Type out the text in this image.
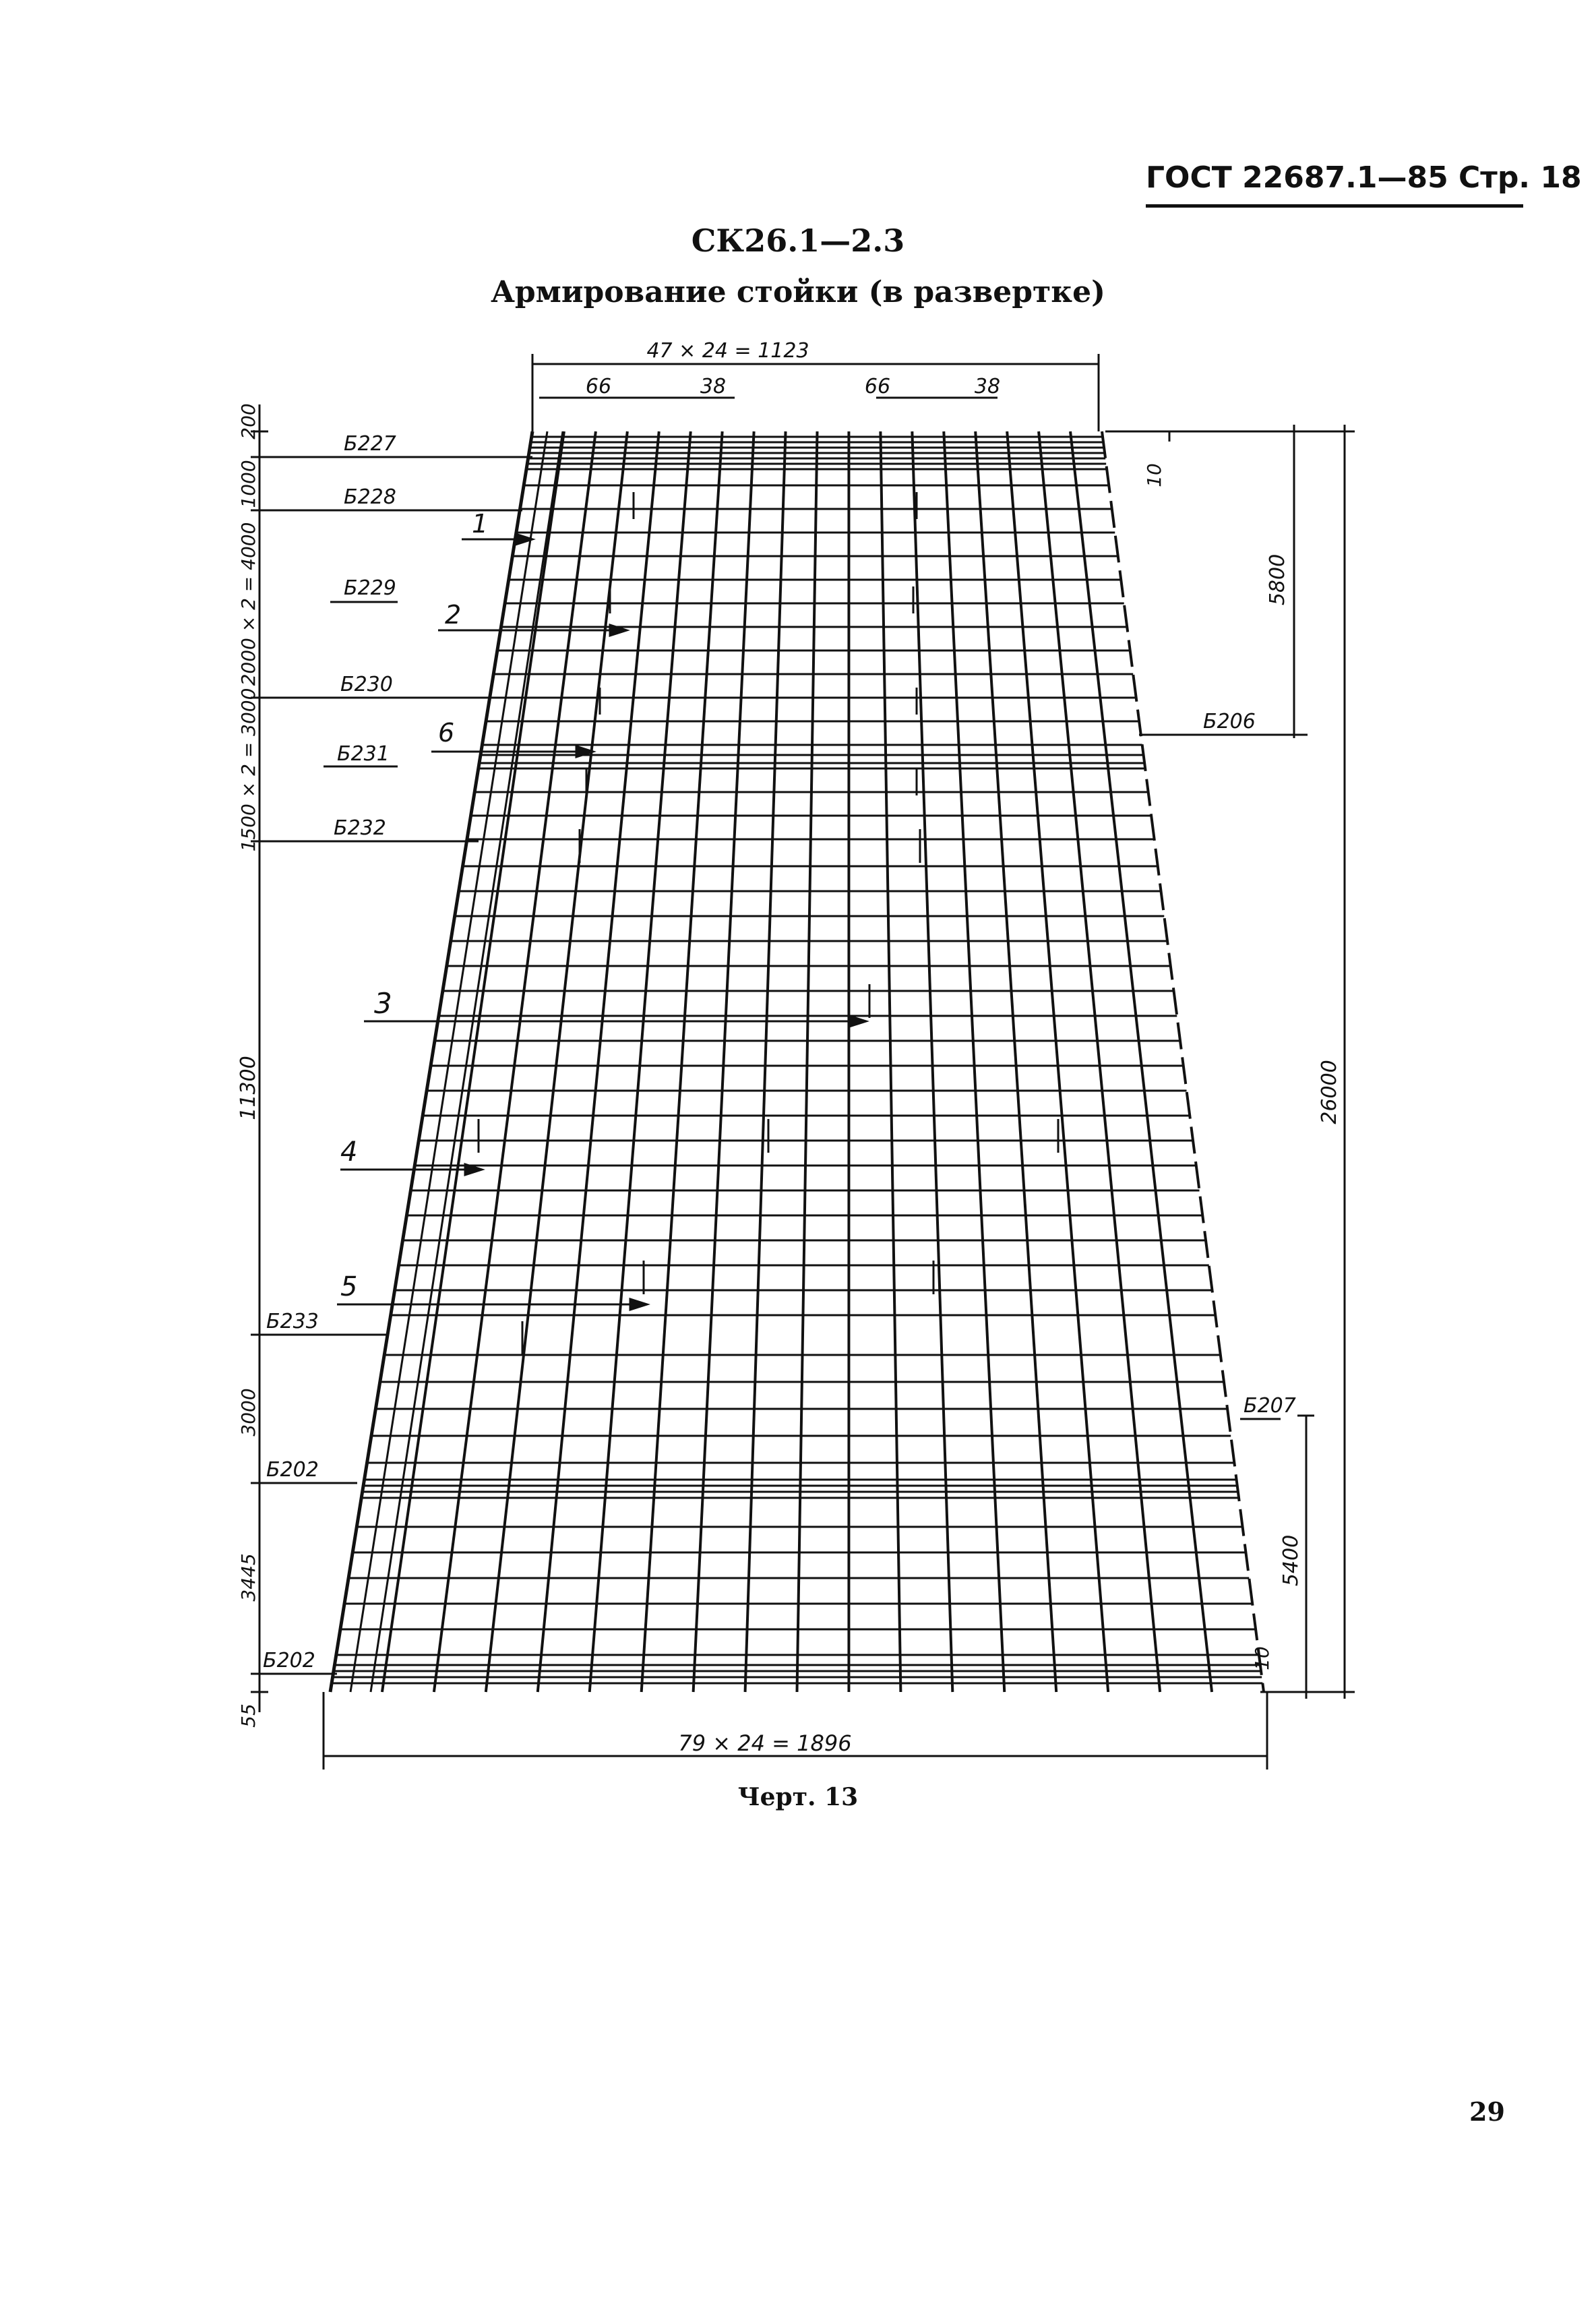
ГОСТ 22687.1—85 Стр. 18
СК26.1—2.3
Армирование стойки (в развертке)
47 × 24 = 1123
66	38	66	38
79 × 24 = 1896
200
1000
2000 × 2 = 4000
1500 × 2 = 3000
11300
3000
3445
55
10
5800
26000
5400
10
Б227
Б228
Б229
Б230
Б231
Б232
Б233
Б202
Б202
Б206
Б207
1
2
6
3
4
5
Черт. 13
29
